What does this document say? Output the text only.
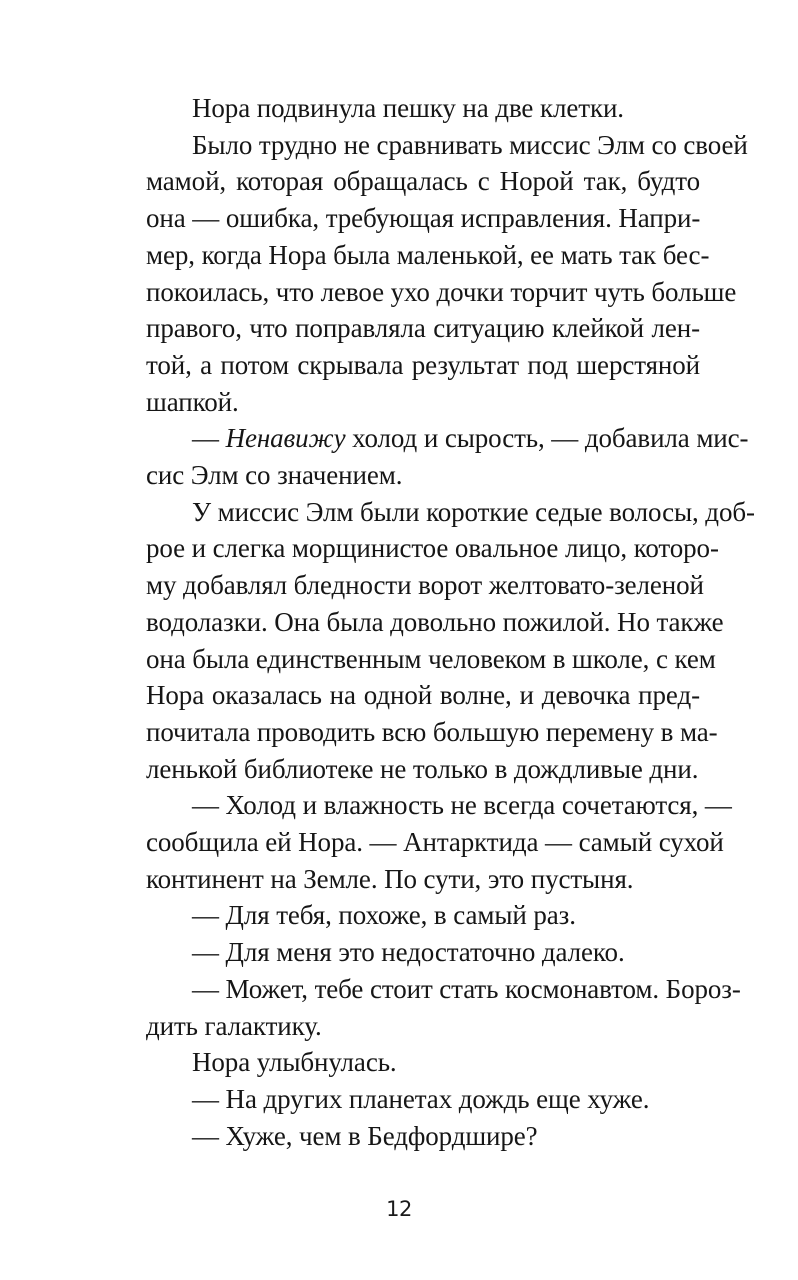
Нора подвинула пешку на две клетки.
Было трудно не сравнивать миссис Элм со своей
мамой, которая обращалась с Норой так, будто
она — ошибка, требующая исправления. Напри-
мер, когда Нора была маленькой, ее мать так бес-
покоилась, что левое ухо дочки торчит чуть больше
правого, что поправляла ситуацию клейкой лен-
той, а потом скрывала результат под шерстяной
шапкой.
— Ненавижу холод и сырость, — добавила мис-
сис Элм со значением.
У миссис Элм были короткие седые волосы, доб-
рое и слегка морщинистое овальное лицо, которо-
му добавлял бледности ворот желтовато-зеленой
водолазки. Она была довольно пожилой. Но также
она была единственным человеком в школе, с кем
Нора оказалась на одной волне, и девочка пред-
почитала проводить всю большую перемену в ма-
ленькой библиотеке не только в дождливые дни.
— Холод и влажность не всегда сочетаются, —
сообщила ей Нора. — Антарктида — самый сухой
континент на Земле. По сути, это пустыня.
— Для тебя, похоже, в самый раз.
— Для меня это недостаточно далеко.
— Может, тебе стоит стать космонавтом. Бороз-
дить галактику.
Нора улыбнулась.
— На других планетах дождь еще хуже.
— Хуже, чем в Бедфордшире?
12
